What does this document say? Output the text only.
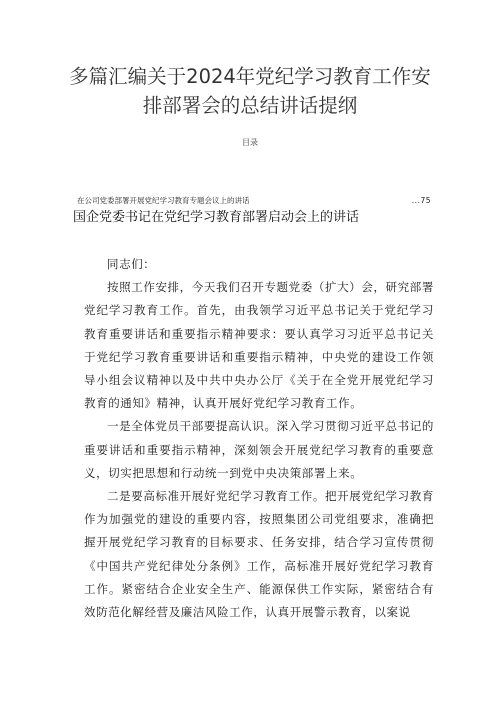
多篇汇编关于2024年党纪学习教育工作安
排部署会的总结讲话提纲
目录
在公司党委部署开展党纪学习教育专题会议上的讲话	...75
国企党委书记在党纪学习教育部署启动会上的讲话

同志们：

按照工作安排，今天我们召开专题党委（扩大）会，研究部署党纪学习教育工作。首先，由我领学习近平总书记关于党纪学习教育重要讲话和重要指示精神要求：要认真学习习近平总书记关于党纪学习教育重要讲话和重要指示精神，中央党的建设工作领导小组会议精神以及中共中央办公厅《关于在全党开展党纪学习教育的通知》精神，认真开展好党纪学习教育工作。

一是全体党员干部要提高认识。深入学习贯彻习近平总书记的重要讲话和重要指示精神，深刻领会开展党纪学习教育的重要意义，切实把思想和行动统一到党中央决策部署上来。

二是要高标准开展好党纪学习教育工作。把开展党纪学习教育作为加强党的建设的重要内容，按照集团公司党组要求，准确把握开展党纪学习教育的目标要求、任务安排，结合学习宣传贯彻《中国共产党纪律处分条例》工作，高标准开展好党纪学习教育工作。紧密结合企业安全生产、能源保供工作实际，紧密结合有效防范化解经营及廉洁风险工作，认真开展警示教育，以案说
